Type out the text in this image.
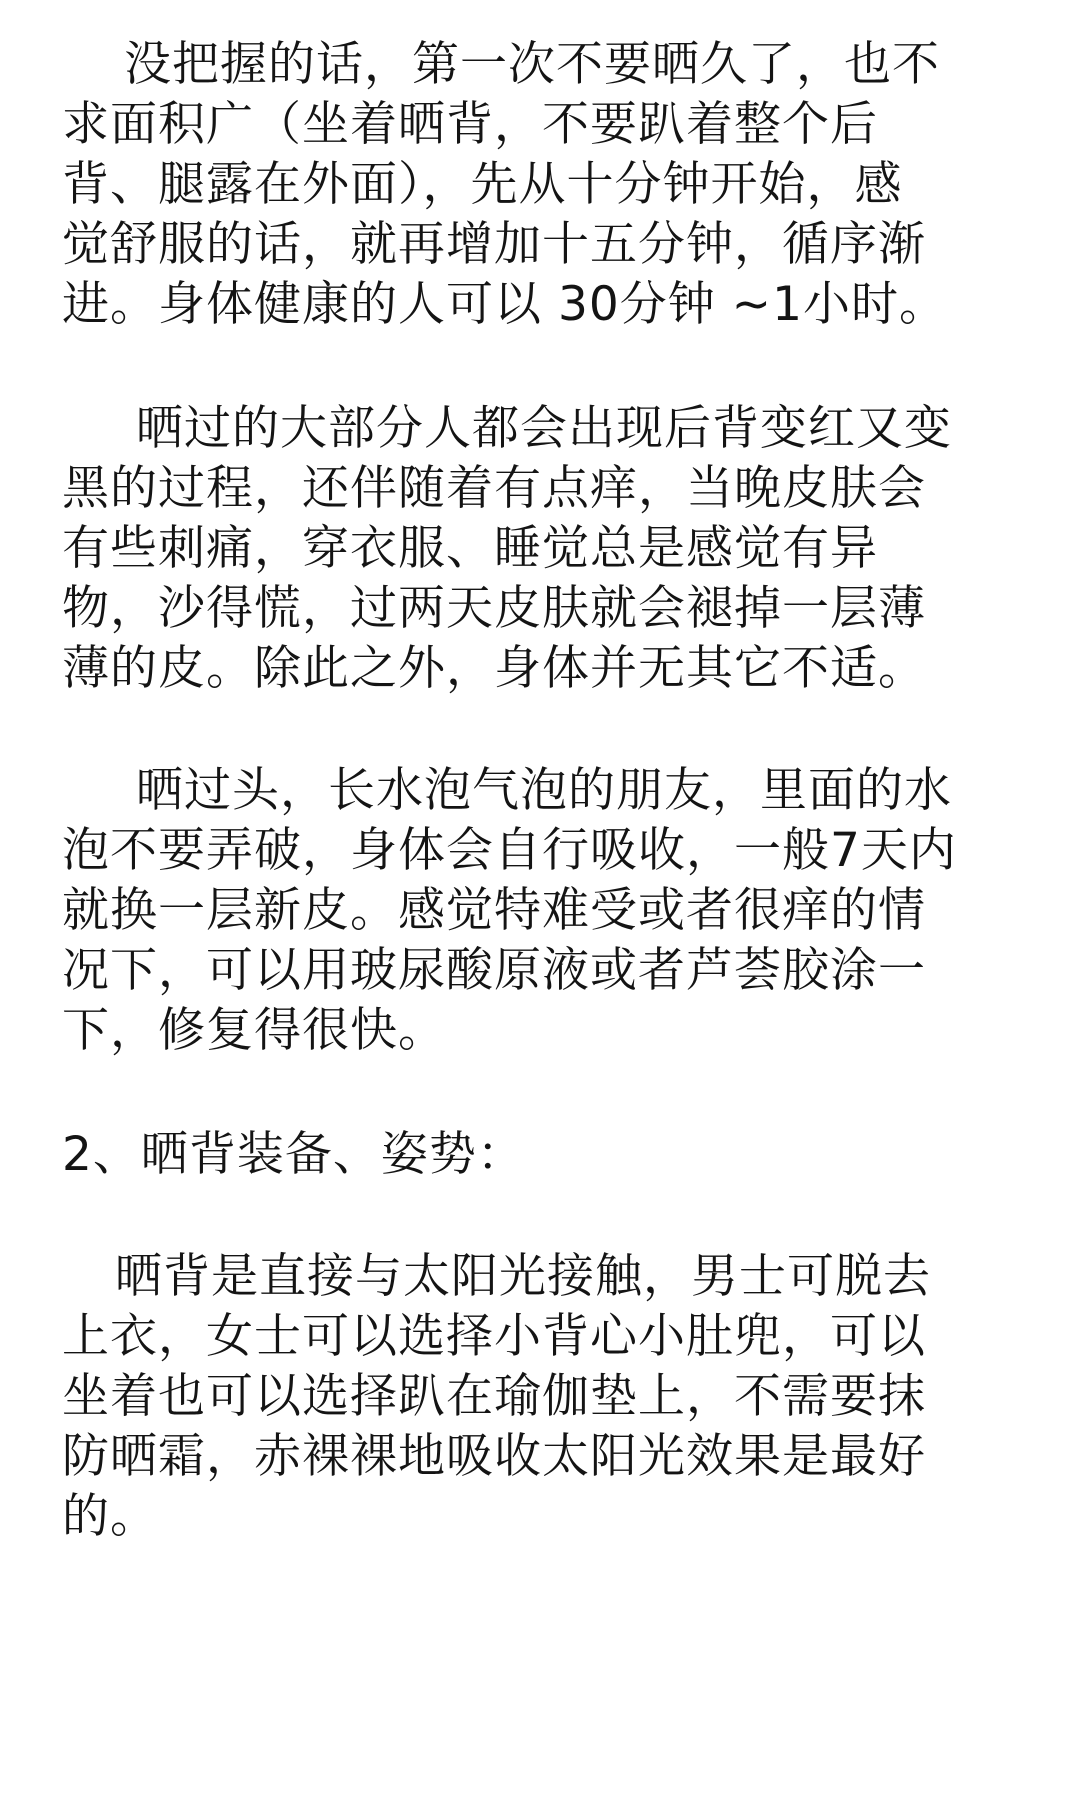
没把握的话，第一次不要晒久了，也不
求面积广（坐着晒背，不要趴着整个后
背、腿露在外面），先从十分钟开始，感
觉舒服的话，就再增加十五分钟，循序渐
进。身体健康的人可以 30分钟 ~1小时。
晒过的大部分人都会出现后背变红又变
黑的过程，还伴随着有点痒，当晚皮肤会
有些刺痛，穿衣服、睡觉总是感觉有异
物，沙得慌，过两天皮肤就会褪掉一层薄
薄的皮。除此之外，身体并无其它不适。
晒过头，长水泡气泡的朋友，里面的水
泡不要弄破，身体会自行吸收，一般7天内
就换一层新皮。感觉特难受或者很痒的情
况下，可以用玻尿酸原液或者芦荟胶涂一
下，修复得很快。
2、晒背装备、姿势：
晒背是直接与太阳光接触，男士可脱去
上衣，女士可以选择小背心小肚兜，可以
坐着也可以选择趴在瑜伽垫上，不需要抹
防晒霜，赤裸裸地吸收太阳光效果是最好
的。
